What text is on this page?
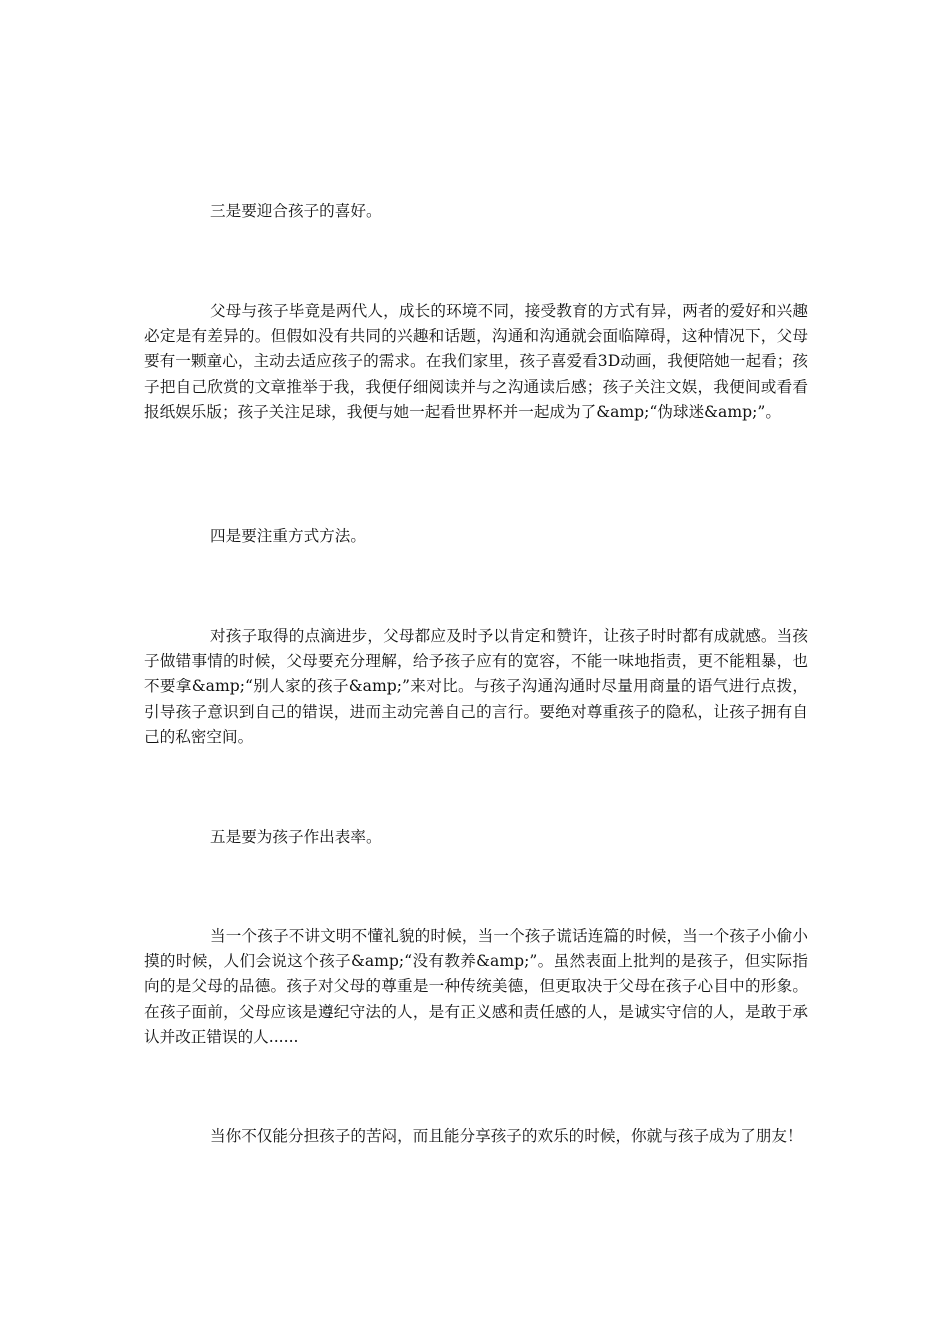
三是要迎合孩子的喜好。

父母与孩子毕竟是两代人，成长的环境不同，接受教育的方式有异，两者的爱好和兴趣必定是有差异的。但假如没有共同的兴趣和话题，沟通和沟通就会面临障碍，这种情况下，父母要有一颗童心，主动去适应孩子的需求。在我们家里，孩子喜爱看3D动画，我便陪她一起看；孩子把自己欣赏的文章推举于我，我便仔细阅读并与之沟通读后感；孩子关注文娱，我便间或看看报纸娱乐版；孩子关注足球，我便与她一起看世界杯并一起成为了&amp;“伪球迷&amp;”。

四是要注重方式方法。

对孩子取得的点滴进步，父母都应及时予以肯定和赞许，让孩子时时都有成就感。当孩子做错事情的时候，父母要充分理解，给予孩子应有的宽容，不能一味地指责，更不能粗暴，也不要拿&amp;“别人家的孩子&amp;”来对比。与孩子沟通沟通时尽量用商量的语气进行点拨，引导孩子意识到自己的错误，进而主动完善自己的言行。要绝对尊重孩子的隐私，让孩子拥有自己的私密空间。

五是要为孩子作出表率。

当一个孩子不讲文明不懂礼貌的时候，当一个孩子谎话连篇的时候，当一个孩子小偷小摸的时候，人们会说这个孩子&amp;“没有教养&amp;”。虽然表面上批判的是孩子，但实际指向的是父母的品德。孩子对父母的尊重是一种传统美德，但更取决于父母在孩子心目中的形象。在孩子面前，父母应该是遵纪守法的人，是有正义感和责任感的人，是诚实守信的人，是敢于承认并改正错误的人......

当你不仅能分担孩子的苦闷，而且能分享孩子的欢乐的时候，你就与孩子成为了朋友！
